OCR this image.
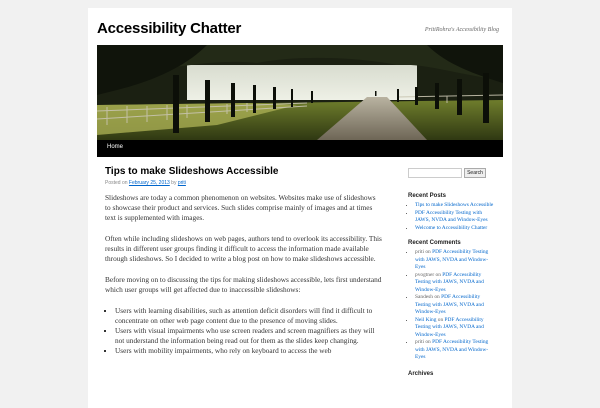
Accessibility Chatter	PritiRohra's Accessibility Blog
Home
Tips to make Slideshows Accessible
Posted on February 25, 2013 by priti

Slideshows are today a common phenomenon on websites. Websites make use of slideshows to showcase their product and services. Such slides comprise mainly of images and at times text is supplemented with images.

Often while including slideshows on web pages, authors tend to overlook its accessibility. This results in different user groups finding it difficult to access the information made available through slideshows. So I decided to write a blog post on how to make slideshows accessible.

Before moving on to discussing the tips for making slideshows accessible, lets first understand which user groups will get affected due to inaccessible slideshows:

▪ Users with learning disabilities, such as attention deficit disorders will find it difficult to concentrate on other web page content due to the presence of moving slides.
▪ Users with visual impairments who use screen readers and screen magnifiers as they will not understand the information being read out for them as the slides keep changing.
▪ Users with mobility impairments, who rely on keyboard to access the web
Search
Recent Posts
▪ Tips to make Slideshows Accessible
▪ PDF Accessibility Testing with JAWS, NVDA and Window-Eyes
▪ Welcome to Accessibility Chatter
Recent Comments
▪ priti on PDF Accessibility Testing with JAWS, NVDA and Window-Eyes
▪ pvogtner on PDF Accessibility Testing with JAWS, NVDA and Window-Eyes
▪ Sandesh on PDF Accessibility Testing with JAWS, NVDA and Window-Eyes
▪ Neil King on PDF Accessibility Testing with JAWS, NVDA and Window-Eyes
▪ priti on PDF Accessibility Testing with JAWS, NVDA and Window-Eyes
Archives
